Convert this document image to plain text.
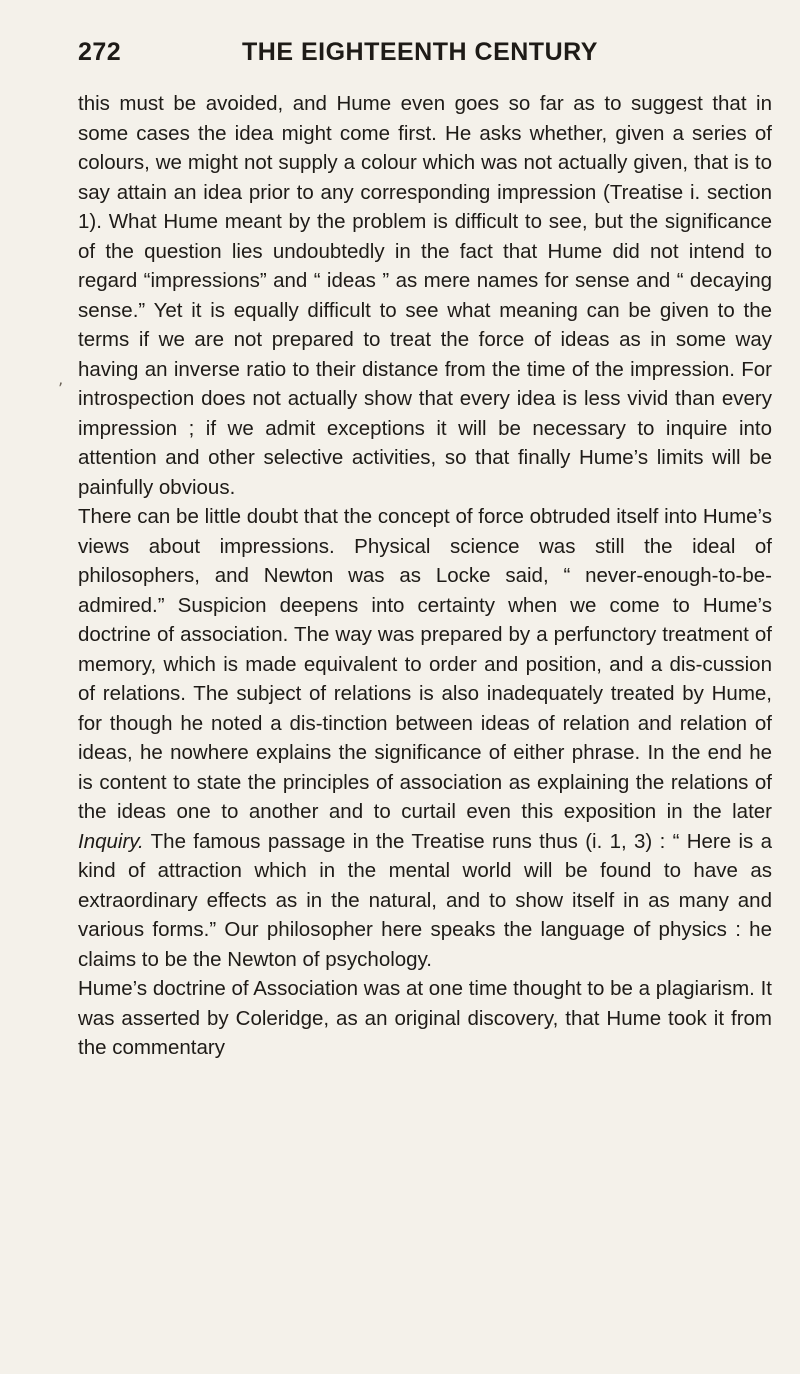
272	THE EIGHTEENTH CENTURY
’

this must be avoided, and Hume even goes so far as to suggest that in some cases the idea might come first. He asks whether, given a series of colours, we might not supply a colour which was not actually given, that is to say attain an idea prior to any corresponding impression (Treatise i. section 1). What Hume meant by the problem is difficult to see, but the significance of the question lies undoubtedly in the fact that Hume did not intend to regard “impressions” and “ ideas ” as mere names for sense and “ decaying sense.” Yet it is equally difficult to see what meaning can be given to the terms if we are not prepared to treat the force of ideas as in some way having an inverse ratio to their distance from the time of the impression. For introspection does not actually show that every idea is less vivid than every impression ; if we admit exceptions it will be necessary to inquire into attention and other selective activities, so that finally Hume’s limits will be painfully obvious.

There can be little doubt that the concept of force obtruded itself into Hume’s views about impressions. Physical science was still the ideal of philosophers, and Newton was as Locke said, “ never-enough-to-be-admired.” Suspicion deepens into certainty when we come to Hume’s doctrine of association. The way was prepared by a perfunctory treatment of memory, which is made equivalent to order and position, and a dis-cussion of relations. The subject of relations is also inadequately treated by Hume, for though he noted a dis-tinction between ideas of relation and relation of ideas, he nowhere explains the significance of either phrase. In the end he is content to state the principles of association as explaining the relations of the ideas one to another and to curtail even this exposition in the later Inquiry. The famous passage in the Treatise runs thus (i. 1, 3) : “ Here is a kind of attraction which in the mental world will be found to have as extraordinary effects as in the natural, and to show itself in as many and various forms.” Our philosopher here speaks the language of physics : he claims to be the Newton of psychology.

Hume’s doctrine of Association was at one time thought to be a plagiarism. It was asserted by Coleridge, as an original discovery, that Hume took it from the commentary
